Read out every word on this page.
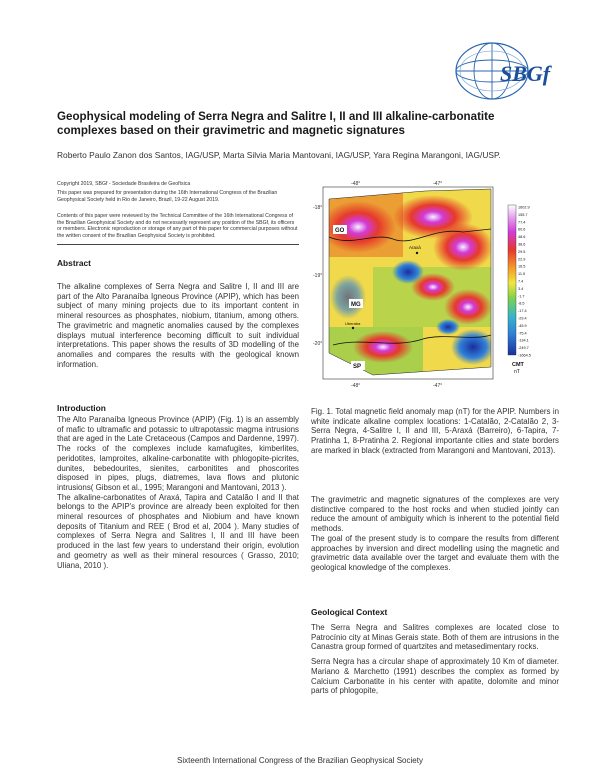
SBGf
Geophysical modeling of Serra Negra and Salitre I, II and III alkaline-carbonatite complexes based on their gravimetric and magnetic signatures
Roberto Paulo Zanon dos Santos, IAG/USP, Marta Silvia Maria Mantovani, IAG/USP, Yara Regina Marangoni, IAG/USP.

Copyright 2019, SBGf - Sociedade Brasileira de Geofísica

This paper was prepared for presentation during the 16th International Congress of the Brazilian Geophysical Society held in Rio de Janeiro, Brazil, 19-22 August 2019.

Contents of this paper were reviewed by the Technical Committee of the 16th International Congress of the Brazilian Geophysical Society and do not necessarily represent any position of the SBGf, its officers or members. Electronic reproduction or storage of any part of this paper for commercial purposes without the written consent of the Brazilian Geophysical Society is prohibited.
Abstract
The alkaline complexes of Serra Negra and Salitre I, II and III are part of the Alto Paranaíba Igneous Province (APIP), which has been subject of many mining projects due to its important content in mineral resources as phosphates, niobium, titanium, among others. The gravimetric and magnetic anomalies caused by the complexes displays mutual interference becoming difficult to suit individual interpretations. This paper shows the results of 3D modelling of the anomalies and compares the results with the geological known information.
Introduction

The Alto Paranaíba Igneous Province (APIP) (Fig. 1) is an assembly of mafic to ultramafic and potassic to ultrapotassic magma intrusions that are aged in the Late Cretaceous (Campos and Dardenne, 1997). The rocks of the complexes include kamafugites, kimberlites, peridotites, lamproites, alkaline-carbonatite with phlogopite-picrites, dunites, bebedourites, sienites, carbonitites and phoscorites disposed in pipes, plugs, diatremes, lava flows and plutonic intrusions( Gibson et al., 1995; Marangoni and Mantovani, 2013 ).

The alkaline-carbonatites of Araxá, Tapira and Catalão I and II that belongs to the APIP's province are already been exploited for then mineral resources of phosphates and Niobium and have known deposits of Titanium and REE ( Brod et al, 2004 ). Many studies of complexes of Serra Negra and Salitres I, II and III have been produced in the last few years to understand their origin, evolution and geometry as well as their mineral resources ( Grasso, 2010; Uliana, 2010 ).

-48°	-47°
-48°	-47°
-18°
-19°
-20°
GO
MG
SP
Araxá
Uberaba
1602.9
155.7
77.4
60.6
48.6
38.6
29.5
22.9
16.5
11.5
7.4
3.4
-1.7
-8.5
-17.4
-29.4
-45.9
-75.4
-134.1
-249.7
-1664.5
CMT
nT
Fig. 1. Total magnetic field anomaly map (nT) for the APIP. Numbers in white indicate alkaline complex locations: 1-Catalão, 2-Catalão 2, 3-Serra Negra, 4-Salitre I, II and III, 5-Araxá (Barreiro), 6-Tapira, 7-Pratinha 1, 8-Pratinha 2. Regional importante cities and state borders are marked in black (extracted from Marangoni and Mantovani, 2013).

The gravimetric and magnetic signatures of the complexes are very distinctive compared to the host rocks and when studied jointly can reduce the amount of ambiguity which is inherent to the potential field methods.

The goal of the present study is to compare the results from different approaches by inversion and direct modelling using the magnetic and gravimetric data available over the target and evaluate them with the geological knowledge of the complexes.

Geological Context

The Serra Negra and Salitres complexes are located close to Patrocínio city at Minas Gerais state. Both of them are intrusions in the Canastra group formed of quartzites and metasedimentary rocks.

Serra Negra has a circular shape of approximately 10 Km of diameter. Mariano & Marchetto (1991) describes the complex as formed by Calcium Carbonatite in his center with apatite, dolomite and minor parts of phlogopite,

Sixteenth International Congress of the Brazilian Geophysical Society
